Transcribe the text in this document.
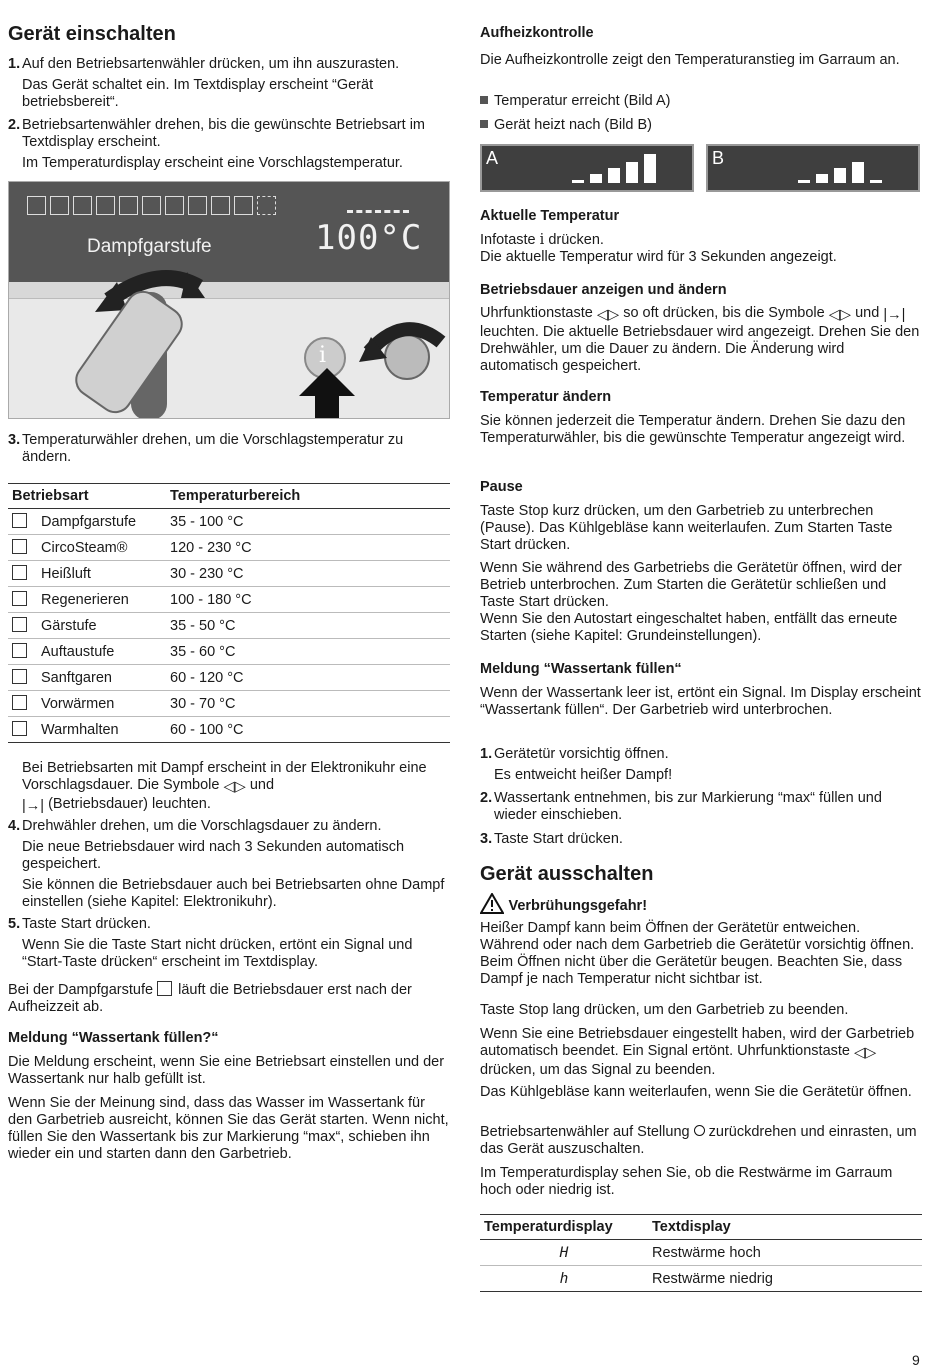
Gerät einschalten
1. Auf den Betriebsartenwähler drücken, um ihn auszurasten.
Das Gerät schaltet ein. Im Textdisplay erscheint “Gerät betriebsbereit“.
2. Betriebsartenwähler drehen, bis die gewünschte Betriebsart im Textdisplay erscheint.
Im Temperaturdisplay erscheint eine Vorschlagstemperatur.
Dampfgarstufe	100°C
i
3. Temperaturwähler drehen, um die Vorschlagstemperatur zu ändern.
Betriebsart	Temperaturbereich
Dampfgarstufe	35 - 100 °C
CircoSteam®	120 - 230 °C
Heißluft	30 - 230 °C
Regenerieren	100 - 180 °C
Gärstufe	35 - 50 °C
Auftaustufe	35 - 60 °C
Sanftgaren	60 - 120 °C
Vorwärmen	30 - 70 °C
Warmhalten	60 - 100 °C
Bei Betriebsarten mit Dampf erscheint in der Elektronikuhr eine Vorschlagsdauer. Die Symbole ◁▷ und
|→| (Betriebsdauer) leuchten.
4. Drehwähler drehen, um die Vorschlagsdauer zu ändern.
Die neue Betriebsdauer wird nach 3 Sekunden automatisch gespeichert.
Sie können die Betriebsdauer auch bei Betriebsarten ohne Dampf einstellen (siehe Kapitel: Elektronikuhr).
5. Taste Start drücken.
Wenn Sie die Taste Start nicht drücken, ertönt ein Signal und “Start-Taste drücken“ erscheint im Textdisplay.
Bei der Dampfgarstufe läuft die Betriebsdauer erst nach der Aufheizzeit ab.
Meldung “Wassertank füllen?“
Die Meldung erscheint, wenn Sie eine Betriebsart einstellen und der Wassertank nur halb gefüllt ist.
Wenn Sie der Meinung sind, dass das Wasser im Wassertank für den Garbetrieb ausreicht, können Sie das Gerät starten. Wenn nicht, füllen Sie den Wassertank bis zur Markierung “max“, schieben ihn wieder ein und starten dann den Garbetrieb.
Aufheizkontrolle
Die Aufheizkontrolle zeigt den Temperaturanstieg im Garraum an.
Temperatur erreicht (Bild A)
Gerät heizt nach (Bild B)
A	B
Aktuelle Temperatur
Infotaste i drücken.
Die aktuelle Temperatur wird für 3 Sekunden angezeigt.
Betriebsdauer anzeigen und ändern
Uhrfunktionstaste ◁▷ so oft drücken, bis die Symbole ◁▷ und |→| leuchten. Die aktuelle Betriebsdauer wird angezeigt. Drehen Sie den Drehwähler, um die Dauer zu ändern. Die Änderung wird automatisch gespeichert.
Temperatur ändern
Sie können jederzeit die Temperatur ändern. Drehen Sie dazu den Temperaturwähler, bis die gewünschte Temperatur angezeigt wird.
Pause
Taste Stop kurz drücken, um den Garbetrieb zu unterbrechen (Pause). Das Kühlgebläse kann weiterlaufen. Zum Starten Taste Start drücken.
Wenn Sie während des Garbetriebs die Gerätetür öffnen, wird der Betrieb unterbrochen. Zum Starten die Gerätetür schließen und Taste Start drücken.
Wenn Sie den Autostart eingeschaltet haben, entfällt das erneute Starten (siehe Kapitel: Grundeinstellungen).
Meldung “Wassertank füllen“
Wenn der Wassertank leer ist, ertönt ein Signal. Im Display erscheint “Wassertank füllen“. Der Garbetrieb wird unterbrochen.
1. Gerätetür vorsichtig öffnen.
Es entweicht heißer Dampf!
2. Wassertank entnehmen, bis zur Markierung “max“ füllen und wieder einschieben.
3. Taste Start drücken.
Gerät ausschalten
Verbrühungsgefahr!
Heißer Dampf kann beim Öffnen der Gerätetür entweichen. Während oder nach dem Garbetrieb die Gerätetür vorsichtig öffnen. Beim Öffnen nicht über die Gerätetür beugen. Beachten Sie, dass Dampf je nach Temperatur nicht sichtbar ist.
Taste Stop lang drücken, um den Garbetrieb zu beenden.
Wenn Sie eine Betriebsdauer eingestellt haben, wird der Garbetrieb automatisch beendet. Ein Signal ertönt. Uhrfunktionstaste ◁▷ drücken, um das Signal zu beenden.
Das Kühlgebläse kann weiterlaufen, wenn Sie die Gerätetür öffnen.
Betriebsartenwähler auf Stellung zurückdrehen und einrasten, um das Gerät auszuschalten.
Im Temperaturdisplay sehen Sie, ob die Restwärme im Garraum hoch oder niedrig ist.
Temperaturdisplay	Textdisplay
H	Restwärme hoch
h	Restwärme niedrig
9
